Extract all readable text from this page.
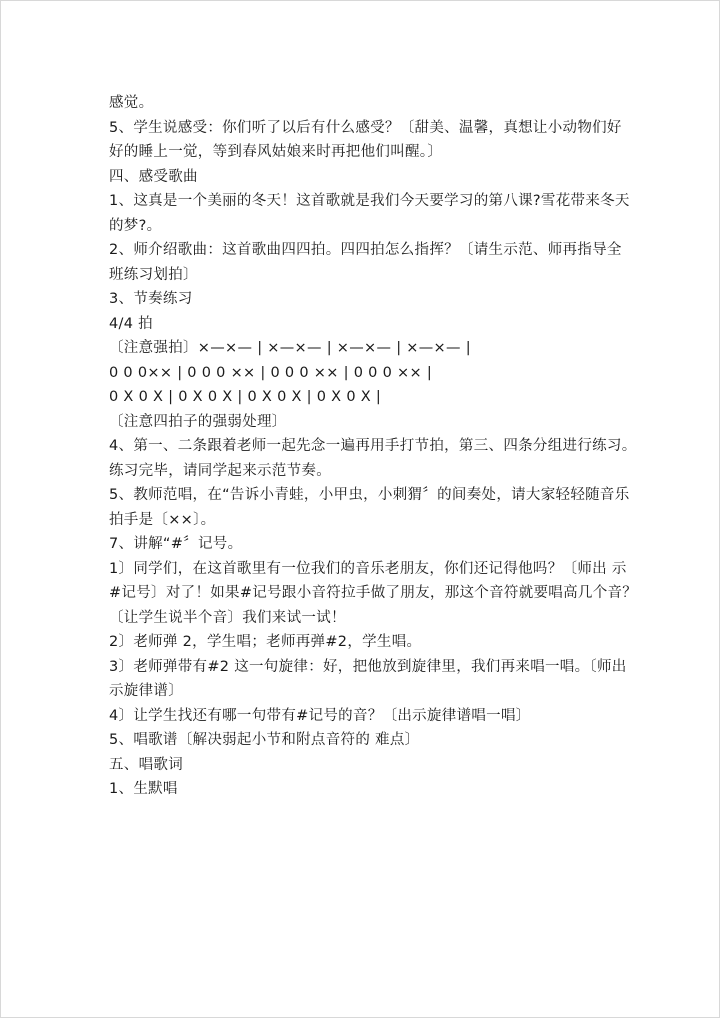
感觉。
5、学生说感受：你们听了以后有什么感受？〔甜美、温馨，真想让小动物们好
好的睡上一觉，等到春风姑娘来时再把他们叫醒。〕
四、感受歌曲
1、这真是一个美丽的冬天！这首歌就是我们今天要学习的第八课?雪花带来冬天
的梦?。
2、师介绍歌曲：这首歌曲四四拍。四四拍怎么指挥？〔请生示范、师再指导全
班练习划拍〕
3、节奏练习
4/4 拍
〔注意强拍〕×—×— | ×—×— | ×—×— | ×—×— |
0 0 0×× | 0 0 0 ×× | 0 0 0 ×× | 0 0 0 ×× |
0 X 0 X | 0 X 0 X | 0 X 0 X | 0 X 0 X |
〔注意四拍子的强弱处理〕
4、第一、二条跟着老师一起先念一遍再用手打节拍，第三、四条分组进行练习。
练习完毕，请同学起来示范节奏。
5、教师范唱，在“告诉小青蛙，小甲虫，小刺猬〞的间奏处，请大家轻轻随音乐
拍手是〔××〕。
7、讲解“#〞记号。
1〕同学们，在这首歌里有一位我们的音乐老朋友，你们还记得他吗？〔师出 示
#记号〕对了！如果#记号跟小音符拉手做了朋友，那这个音符就要唱高几个音？
〔让学生说半个音〕我们来试一试！
2〕老师弹 2，学生唱；老师再弹#2，学生唱。
3〕老师弹带有#2 这一句旋律：好，把他放到旋律里，我们再来唱一唱。〔师出
示旋律谱〕
4〕让学生找还有哪一句带有#记号的音？〔出示旋律谱唱一唱〕
5、唱歌谱〔解决弱起小节和附点音符的 难点〕
五、唱歌词
1、生默唱
